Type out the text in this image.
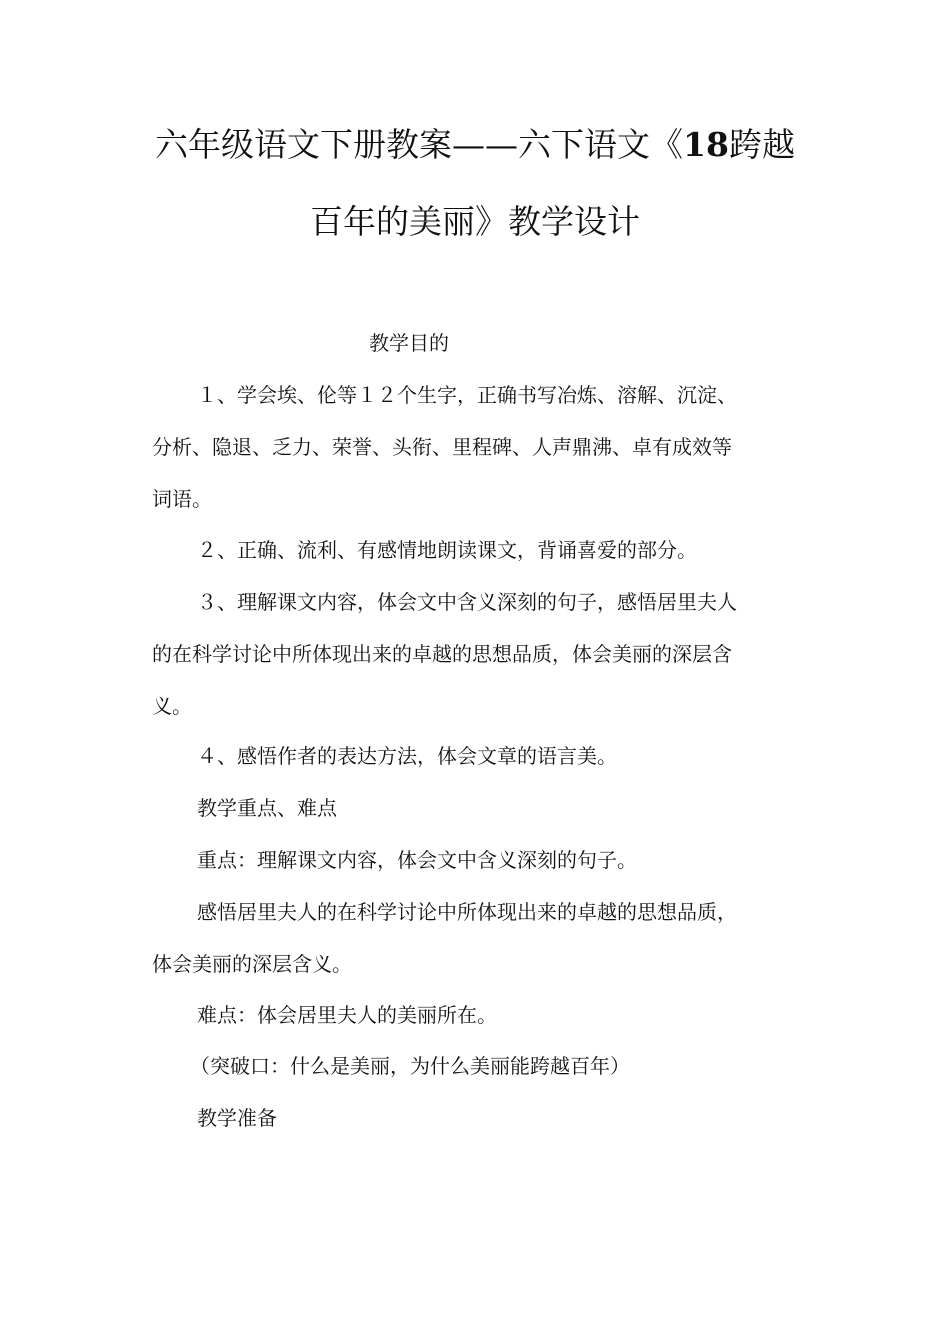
六年级语文下册教案——六下语文《18跨越
百年的美丽》教学设计
教学目的
１、学会埃、伦等１２个生字，正确书写冶炼、溶解、沉淀、
分析、隐退、乏力、荣誉、头衔、里程碑、人声鼎沸、卓有成效等
词语。
２、正确、流利、有感情地朗读课文，背诵喜爱的部分。
３、理解课文内容，体会文中含义深刻的句子，感悟居里夫人
的在科学讨论中所体现出来的卓越的思想品质，体会美丽的深层含
义。
４、感悟作者的表达方法，体会文章的语言美。
教学重点、难点
重点：理解课文内容，体会文中含义深刻的句子。
感悟居里夫人的在科学讨论中所体现出来的卓越的思想品质，
体会美丽的深层含义。
难点：体会居里夫人的美丽所在。
（突破口：什么是美丽，为什么美丽能跨越百年）
教学准备
